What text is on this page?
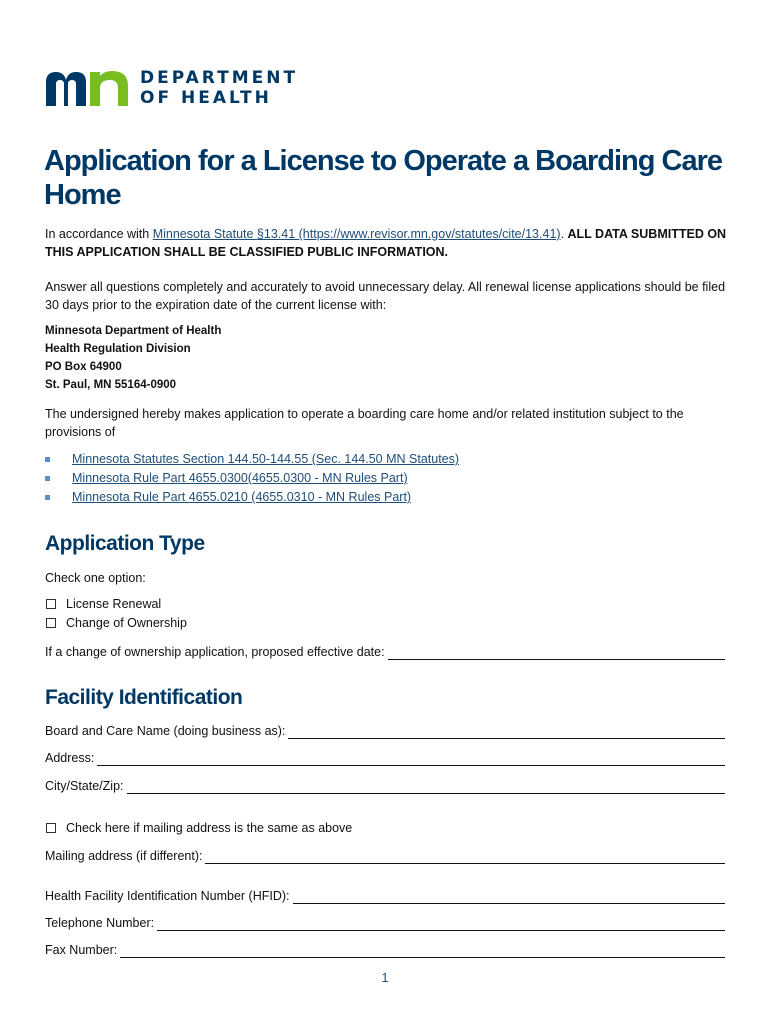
DEPARTMENT
OF HEALTH
Application for a License to Operate a Boarding Care Home

In accordance with Minnesota Statute §13.41 (https://www.revisor.mn.gov/statutes/cite/13.41). ALL DATA SUBMITTED ON THIS APPLICATION SHALL BE CLASSIFIED PUBLIC INFORMATION.

Answer all questions completely and accurately to avoid unnecessary delay. All renewal license applications should be filed 30 days prior to the expiration date of the current license with:

Minnesota Department of Health
Health Regulation Division
PO Box 64900
St. Paul, MN 55164-0900

The undersigned hereby makes application to operate a boarding care home and/or related institution subject to the provisions of

Minnesota Statutes Section 144.50-144.55 (Sec. 144.50 MN Statutes)
Minnesota Rule Part 4655.0300(4655.0300 - MN Rules Part)
Minnesota Rule Part 4655.0210 (4655.0310 - MN Rules Part)
Application Type

Check one option:

License Renewal
Change of Ownership
If a change of ownership application, proposed effective date:
Facility Identification
Board and Care Name (doing business as):
Address:
City/State/Zip:
Check here if mailing address is the same as above
Mailing address (if different):
Health Facility Identification Number (HFID):
Telephone Number:
Fax Number:
1
